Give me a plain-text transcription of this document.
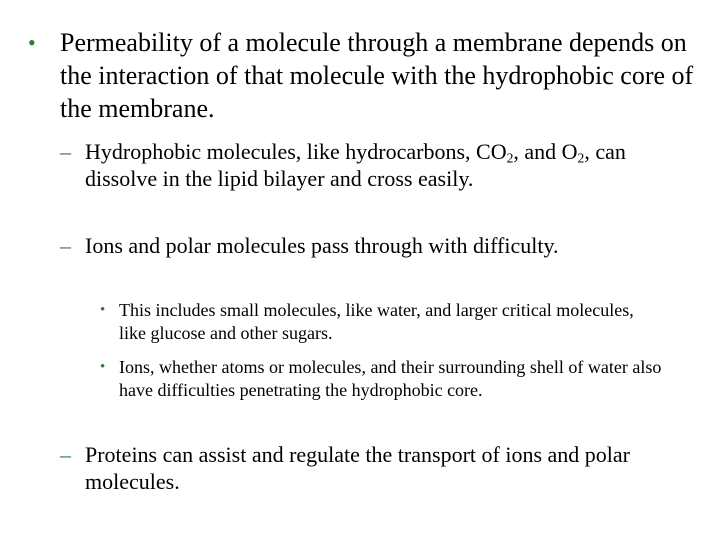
• Permeability of a molecule through a membrane depends on the interaction of that molecule with the hydrophobic core of the membrane.
– Hydrophobic molecules, like hydrocarbons, $CO_2$, and $O_2$, can dissolve in the lipid bilayer and cross easily.
– Ions and polar molecules pass through with difficulty.
• This includes small molecules, like water, and larger critical molecules, like glucose and other sugars.
• Ions, whether atoms or molecules, and their surrounding shell of water also have difficulties penetrating the hydrophobic core.
– Proteins can assist and regulate the transport of ions and polar molecules.
